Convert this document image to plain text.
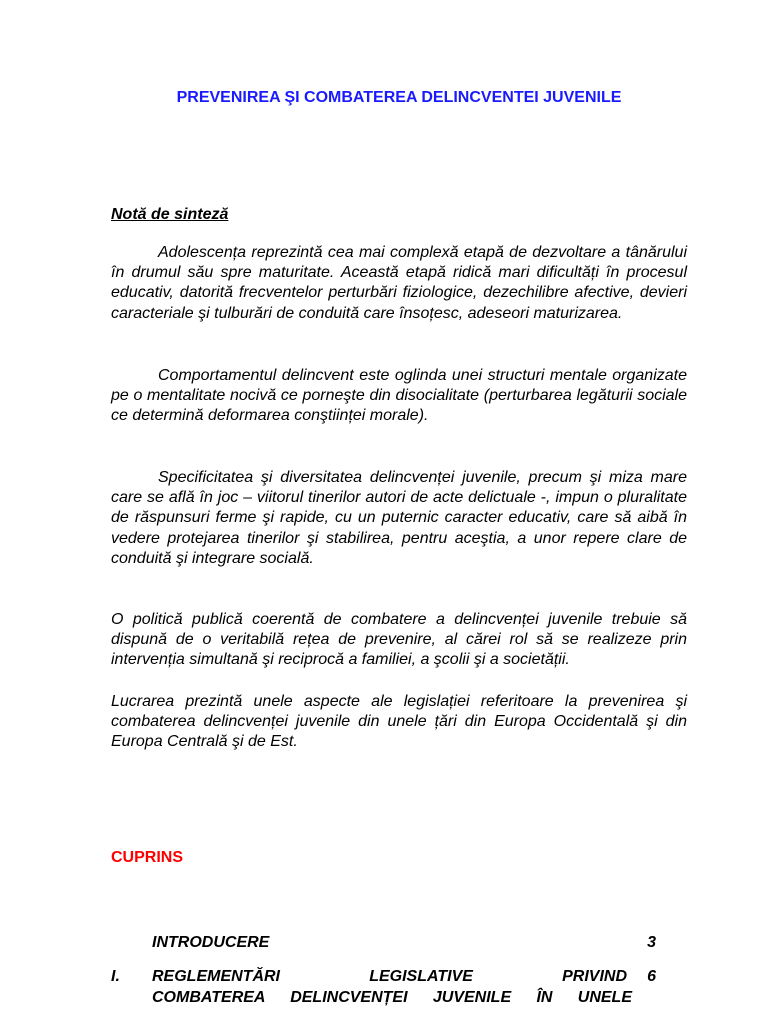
PREVENIREA ŞI COMBATEREA DELINCVENTEI JUVENILE

Notă de sinteză

Adolescența reprezintă cea mai complexă etapă de dezvoltare a tânărului în drumul său spre maturitate. Această etapă ridică mari dificultăți în procesul educativ, datorită frecventelor perturbări fiziologice, dezechilibre afective, devieri caracteriale şi tulburări de conduită care însoțesc, adeseori maturizarea.

Comportamentul delincvent este oglinda unei structuri mentale organizate pe o mentalitate nocivă ce porneşte din disocialitate (perturbarea legăturii sociale ce determină deformarea conştiinței morale).

Specificitatea şi diversitatea delincvenței juvenile, precum şi miza mare care se află în joc – viitorul tinerilor autori de acte delictuale -, impun o pluralitate de răspunsuri ferme şi rapide, cu un puternic caracter educativ, care să aibă în vedere protejarea tinerilor şi stabilirea, pentru aceştia, a unor repere clare de conduită şi integrare socială.

O politică publică coerentă de combatere a delincvenței juvenile trebuie să dispună de o veritabilă rețea de prevenire, al cărei rol să se realizeze prin intervenția simultană şi reciprocă a familiei, a şcolii şi a societății.

Lucrarea prezintă unele aspecte ale legislației referitoare la prevenirea şi combaterea delincvenței juvenile din unele țări din Europa Occidentală şi din Europa Centrală şi de Est.

CUPRINS

INTRODUCERE	3
I.	REGLEMENTĂRI LEGISLATIVE PRIVIND
COMBATEREA DELINCVENȚEI JUVENILE ÎN UNELE
6
